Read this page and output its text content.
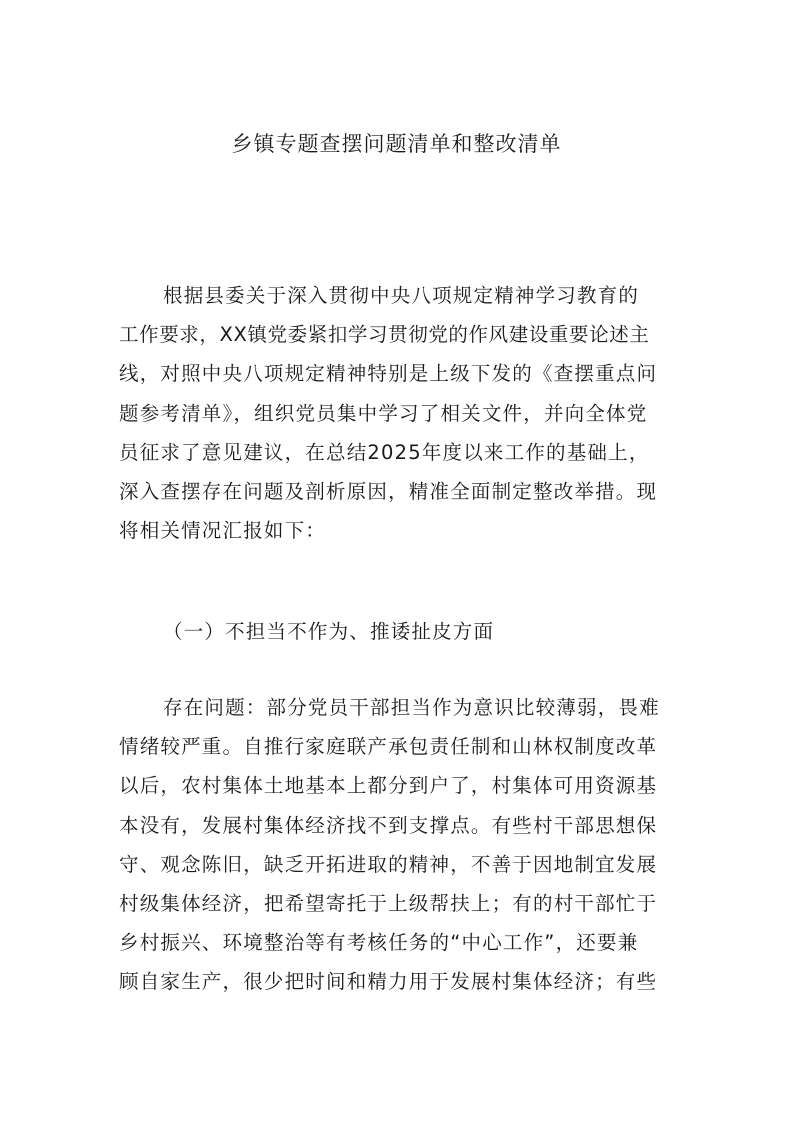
乡镇专题查摆问题清单和整改清单
根据县委关于深入贯彻中央八项规定精神学习教育的
工作要求，XX镇党委紧扣学习贯彻党的作风建设重要论述主
线，对照中央八项规定精神特别是上级下发的《查摆重点问
题参考清单》，组织党员集中学习了相关文件，并向全体党
员征求了意见建议，在总结2025年度以来工作的基础上，
深入查摆存在问题及剖析原因，精准全面制定整改举措。现
将相关情况汇报如下：
（一）不担当不作为、推诿扯皮方面
存在问题：部分党员干部担当作为意识比较薄弱，畏难
情绪较严重。自推行家庭联产承包责任制和山林权制度改革
以后，农村集体土地基本上都分到户了，村集体可用资源基
本没有，发展村集体经济找不到支撑点。有些村干部思想保
守、观念陈旧，缺乏开拓进取的精神，不善于因地制宜发展
村级集体经济，把希望寄托于上级帮扶上；有的村干部忙于
乡村振兴、环境整治等有考核任务的“中心工作”，还要兼
顾自家生产，很少把时间和精力用于发展村集体经济；有些
